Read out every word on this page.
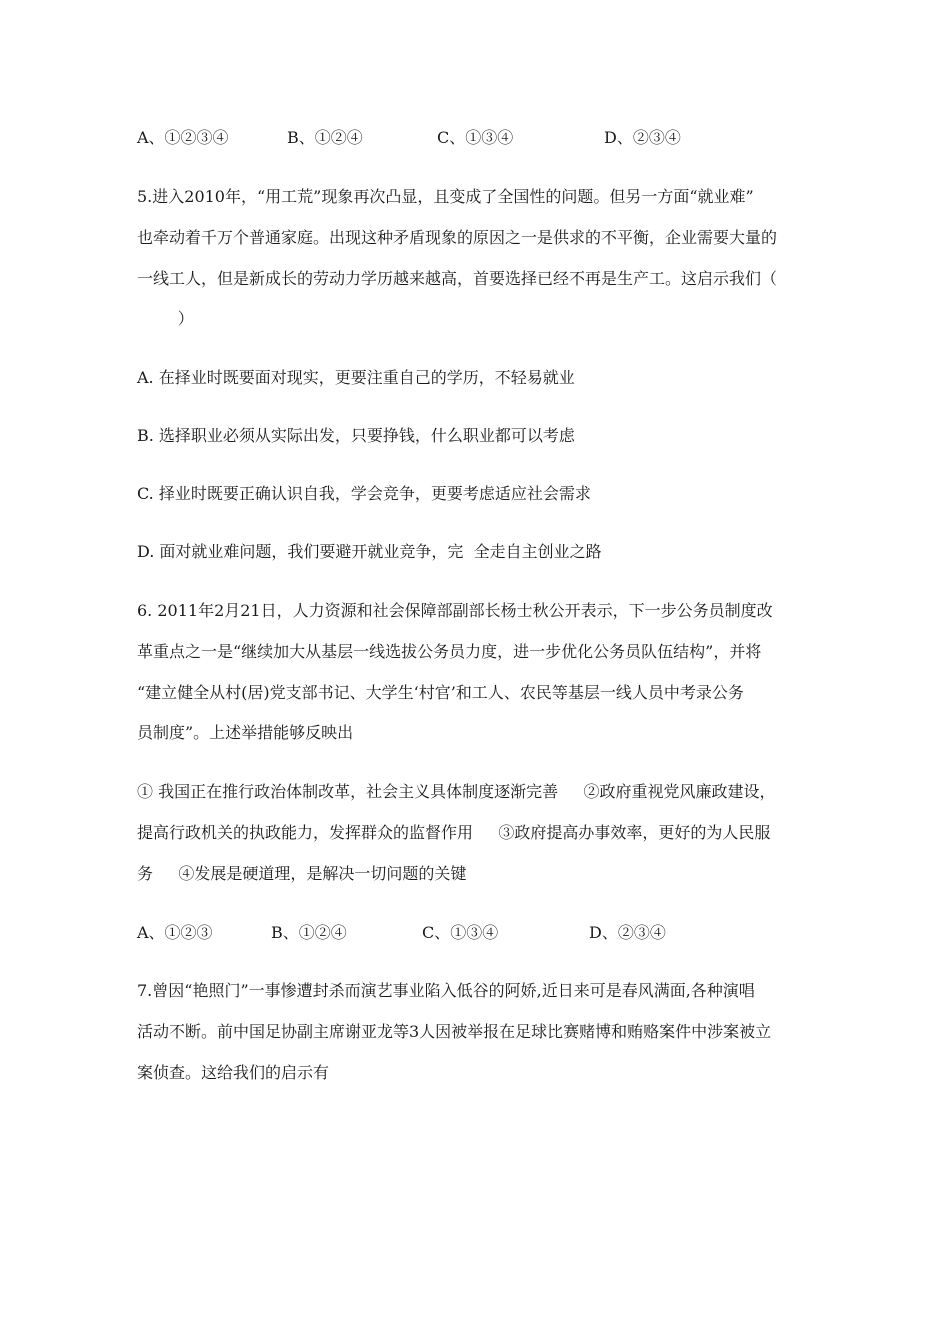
A、①②③④	B、①②④	C、①③④	D、②③④
5.进入2010年，“用工荒”现象再次凸显，且变成了全国性的问题。但另一方面“就业难”
也牵动着千万个普通家庭。出现这种矛盾现象的原因之一是供求的不平衡，企业需要大量的
一线工人，但是新成长的劳动力学历越来越高，首要选择已经不再是生产工。这启示我们（
）
A. 在择业时既要面对现实，更要注重自己的学历，不轻易就业
B. 选择职业必须从实际出发，只要挣钱，什么职业都可以考虑
C. 择业时既要正确认识自我，学会竞争，更要考虑适应社会需求
D. 面对就业难问题，我们要避开就业竞争，完  全走自主创业之路
6. 2011年2月21日，人力资源和社会保障部副部长杨士秋公开表示，下一步公务员制度改
革重点之一是“继续加大从基层一线选拔公务员力度，进一步优化公务员队伍结构”，并将
“建立健全从村(居)党支部书记、大学生‘村官’和工人、农民等基层一线人员中考录公务
员制度”。上述举措能够反映出
① 我国正在推行政治体制改革，社会主义具体制度逐渐完善     ②政府重视党风廉政建设，
提高行政机关的执政能力，发挥群众的监督作用     ③政府提高办事效率，更好的为人民服
务     ④发展是硬道理，是解决一切问题的关键
A、①②③	B、①②④	C、①③④	D、②③④
7.曾因“艳照门”一事惨遭封杀而演艺事业陷入低谷的阿娇,近日来可是春风满面,各种演唱
活动不断。前中国足协副主席谢亚龙等3人因被举报在足球比赛赌博和贿赂案件中涉案被立
案侦查。这给我们的启示有
